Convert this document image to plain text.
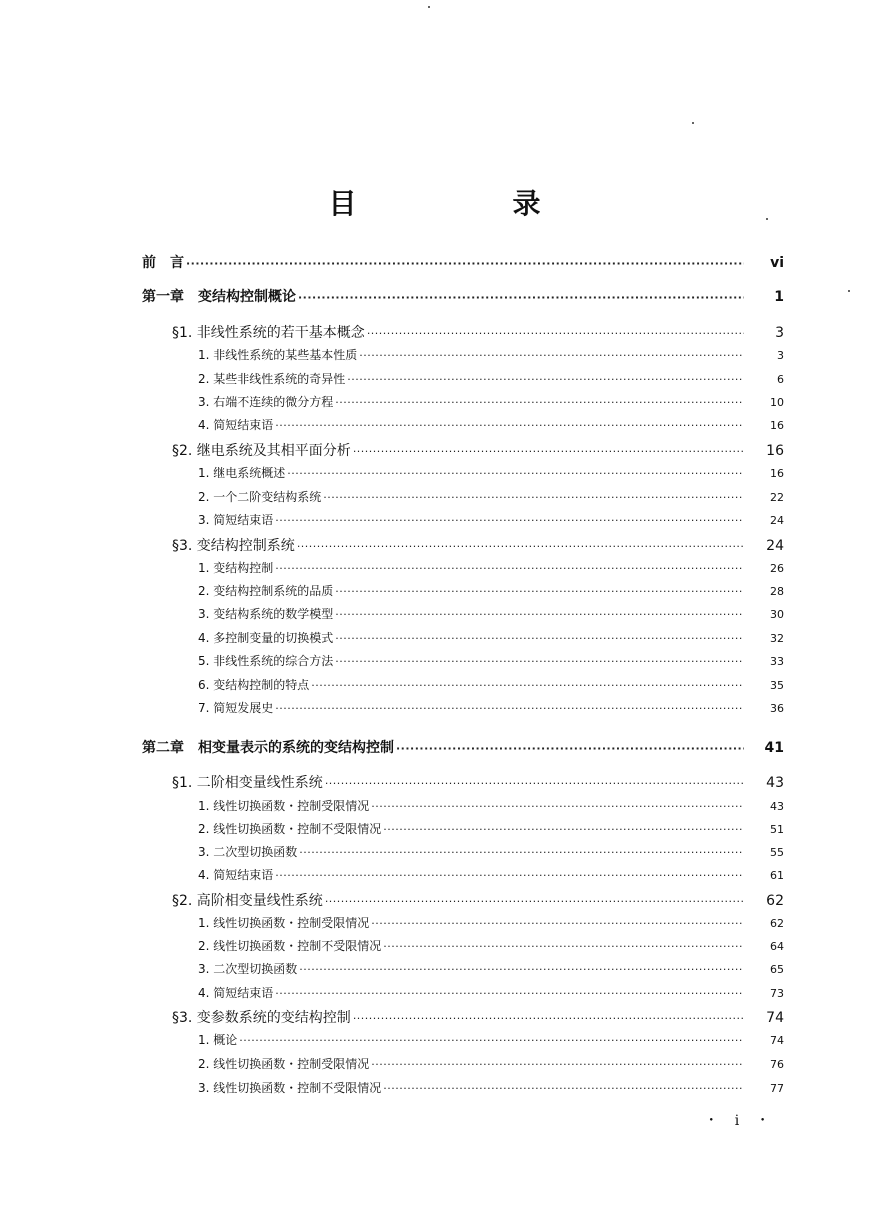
目　录
前　言 ·····	vi
第一章　变结构控制概论 ·····	1
§1. 非线性系统的若干基本概念 ·····	3
1. 非线性系统的某些基本性质 ·····	3
2. 某些非线性系统的奇异性 ·····	6
3. 右端不连续的微分方程 ·····	10
4. 简短结束语 ·····	16
§2. 继电系统及其相平面分析 ·····	16
1. 继电系统概述 ·····	16
2. 一个二阶变结构系统 ·····	22
3. 简短结束语 ·····	24
§3. 变结构控制系统 ·····	24
1. 变结构控制 ·····	26
2. 变结构控制系统的品质 ·····	28
3. 变结构系统的数学模型 ·····	30
4. 多控制变量的切换模式 ·····	32
5. 非线性系统的综合方法 ·····	33
6. 变结构控制的特点 ·····	35
7. 简短发展史 ·····	36
第二章　相变量表示的系统的变结构控制 ·····	41
§1. 二阶相变量线性系统 ·····	43
1. 线性切换函数・控制受限情况 ·····	43
2. 线性切换函数・控制不受限情况 ·····	51
3. 二次型切换函数 ·····	55
4. 简短结束语 ·····	61
§2. 高阶相变量线性系统 ·····	62
1. 线性切换函数・控制受限情况 ·····	62
2. 线性切换函数・控制不受限情况 ·····	64
3. 二次型切换函数 ·····	65
4. 简短结束语 ·····	73
§3. 变参数系统的变结构控制 ·····	74
1. 概论 ·····	74
2. 线性切换函数・控制受限情况 ·····	76
3. 线性切换函数・控制不受限情况 ·····	77
・ i ・
